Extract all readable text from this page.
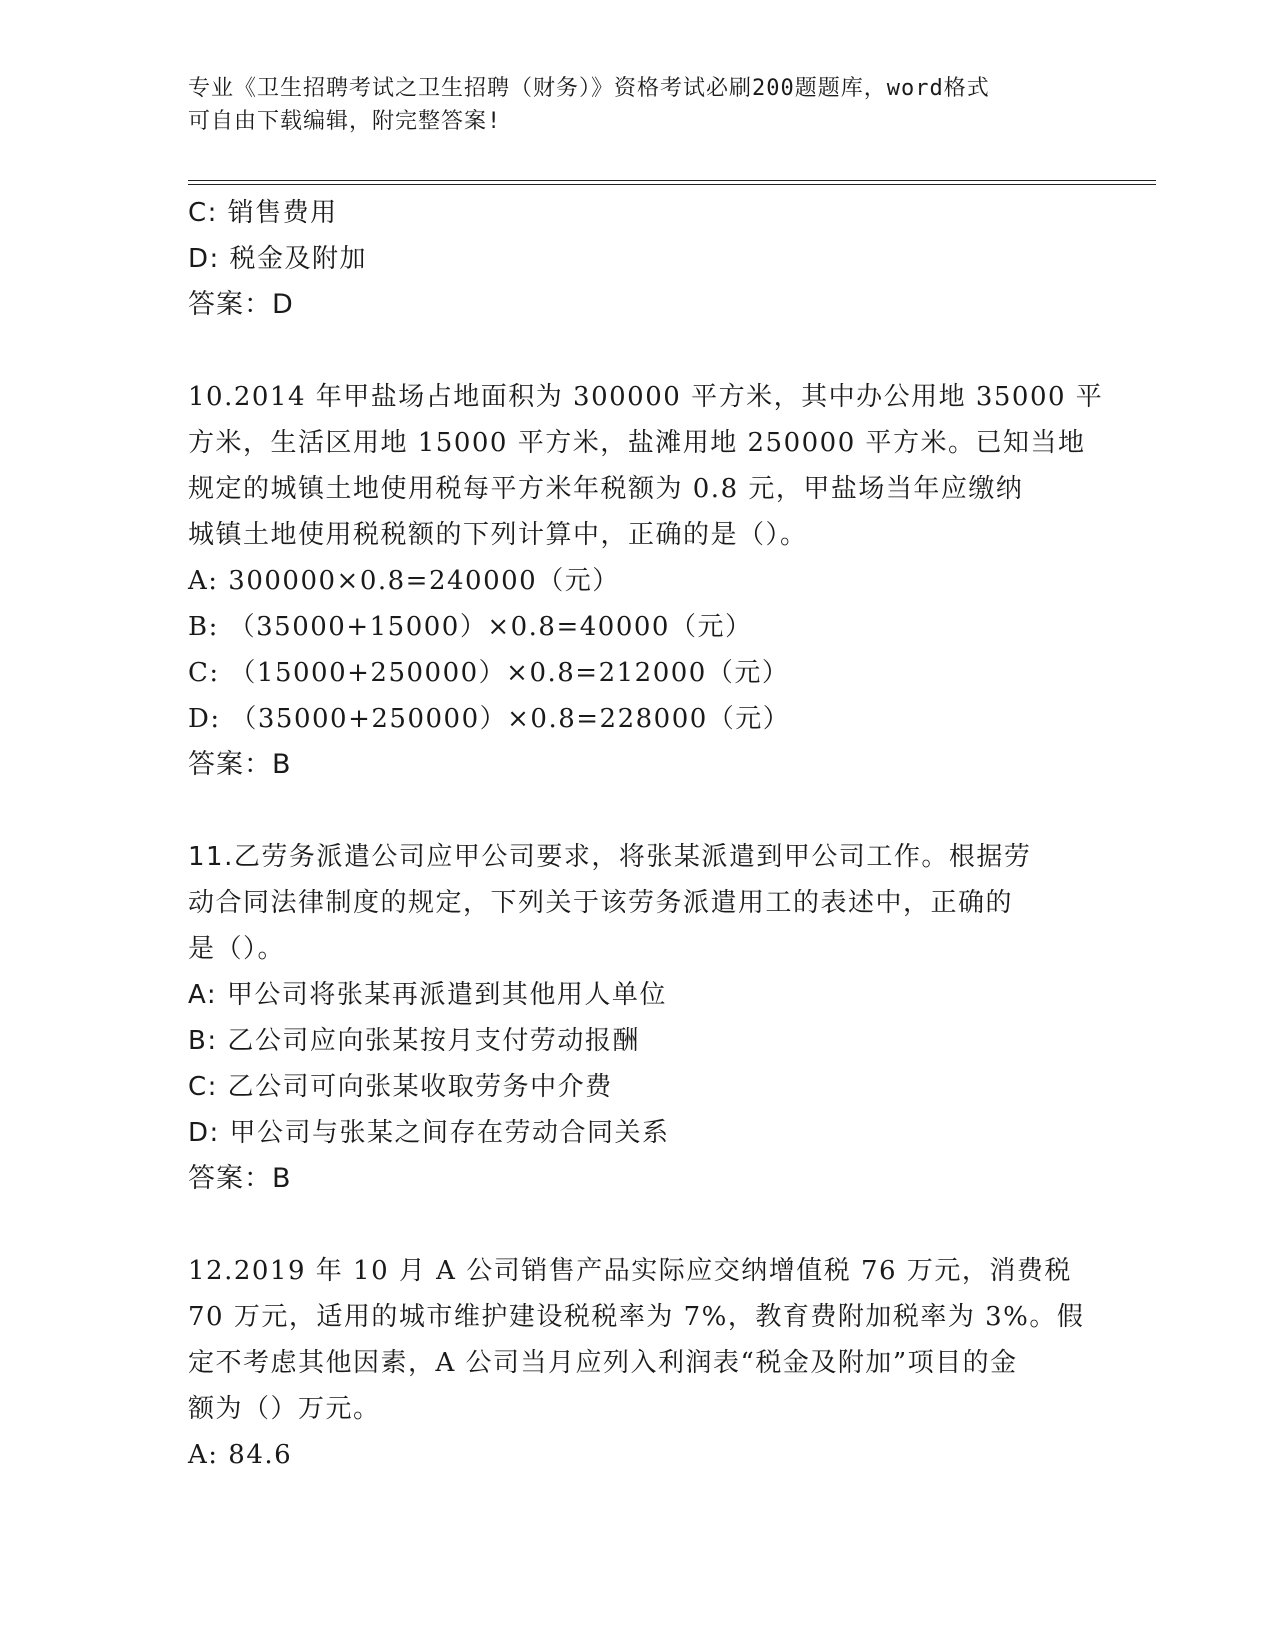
专业《卫生招聘考试之卫生招聘（财务）》资格考试必刷200题题库，word格式
可自由下载编辑，附完整答案!
C: 销售费用
D: 税金及附加
答案：D
10.2014 年甲盐场占地面积为 300000 平方米，其中办公用地 35000 平
方米，生活区用地 15000 平方米，盐滩用地 250000 平方米。已知当地
规定的城镇土地使用税每平方米年税额为 0.8 元，甲盐场当年应缴纳
城镇土地使用税税额的下列计算中，正确的是（）。
A: 300000×0.8=240000（元）
B: （35000+15000）×0.8=40000（元）
C: （15000+250000）×0.8=212000（元）
D: （35000+250000）×0.8=228000（元）
答案：B
11.乙劳务派遣公司应甲公司要求，将张某派遣到甲公司工作。根据劳
动合同法律制度的规定，下列关于该劳务派遣用工的表述中，正确的
是（）。
A: 甲公司将张某再派遣到其他用人单位
B: 乙公司应向张某按月支付劳动报酬
C: 乙公司可向张某收取劳务中介费
D: 甲公司与张某之间存在劳动合同关系
答案：B
12.2019 年 10 月 A 公司销售产品实际应交纳增值税 76 万元，消费税
70 万元，适用的城市维护建设税税率为 7%，教育费附加税率为 3%。假
定不考虑其他因素，A 公司当月应列入利润表“税金及附加”项目的金
额为（）万元。
A: 84.6
